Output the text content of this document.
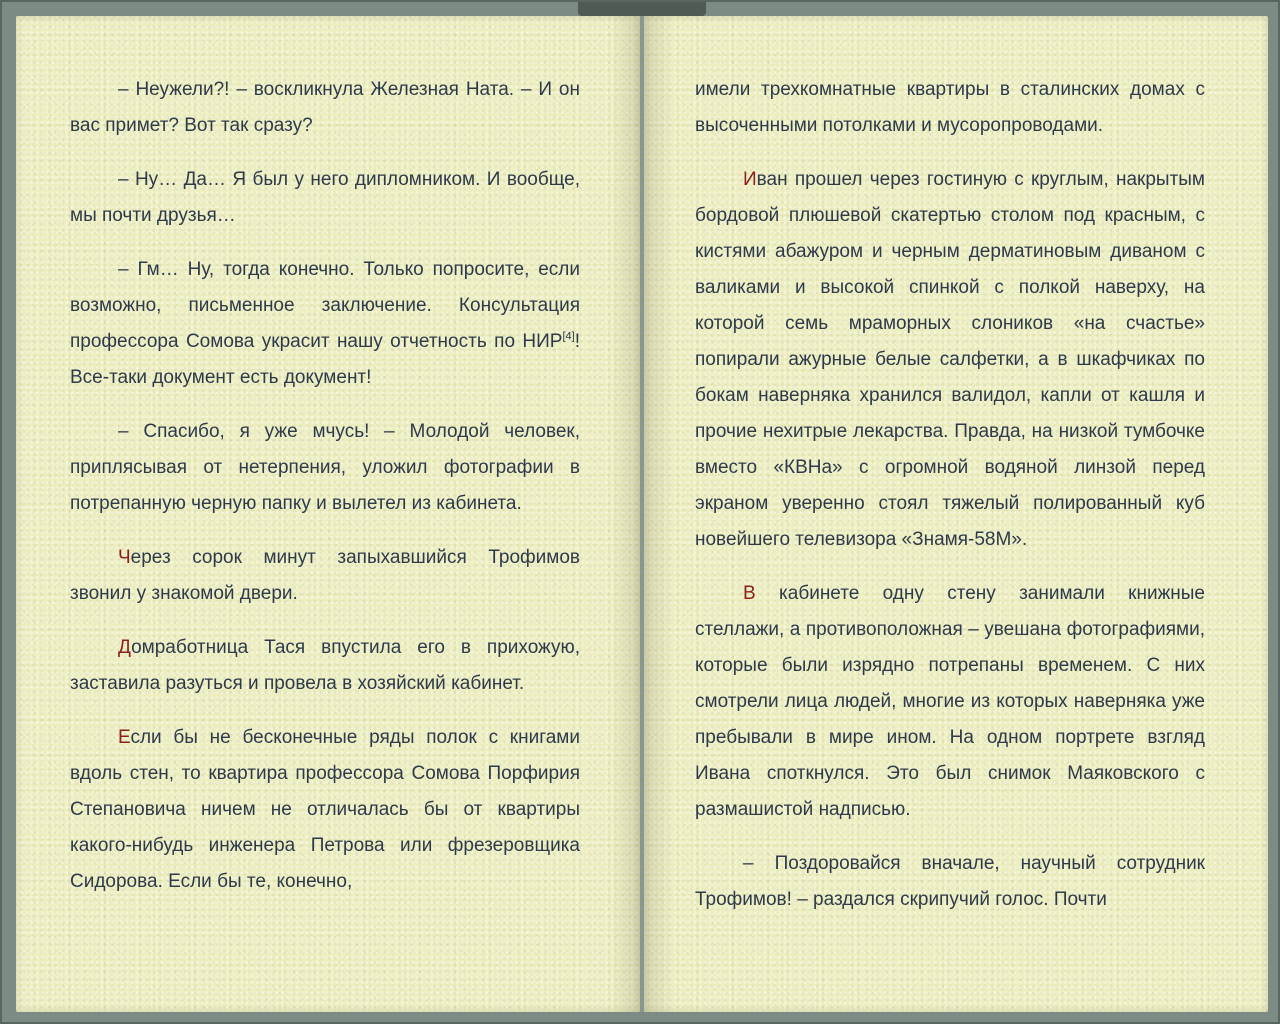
– Неужели?! – воскликнула Железная Ната. – И он вас примет? Вот так сразу?

– Ну… Да… Я был у него дипломником. И вообще, мы почти друзья…

– Гм… Ну, тогда конечно. Только попросите, если возможно, письменное заключение. Консультация профессора Сомова украсит нашу отчетность по НИР[4]! Все-таки документ есть документ!

– Спасибо, я уже мчусь! – Молодой человек, приплясывая от нетерпения, уложил фотографии в потрепанную черную папку и вылетел из кабинета.

Через сорок минут запыхавшийся Трофимов звонил у знакомой двери.

Домработница Тася впустила его в прихожую, заставила разуться и провела в хозяйский кабинет.

Если бы не бесконечные ряды полок с книгами вдоль стен, то квартира профессора Сомова Порфирия Степановича ничем не отличалась бы от квартиры какого-нибудь инженера Петрова или фрезеровщика Сидорова. Если бы те, конечно,

имели трехкомнатные квартиры в сталинских домах с высоченными потолками и мусоропроводами.

Иван прошел через гостиную с круглым, накрытым бордовой плюшевой скатертью столом под красным, с кистями абажуром и черным дерматиновым диваном с валиками и высокой спинкой с полкой наверху, на которой семь мраморных слоников «на счастье» попирали ажурные белые салфетки, а в шкафчиках по бокам наверняка хранился валидол, капли от кашля и прочие нехитрые лекарства. Правда, на низкой тумбочке вместо «КВНа» с огромной водяной линзой перед экраном уверенно стоял тяжелый полированный куб новейшего телевизора «Знамя-58М».

В кабинете одну стену занимали книжные стеллажи, а противоположная – увешана фотографиями, которые были изрядно потрепаны временем. С них смотрели лица людей, многие из которых наверняка уже пребывали в мире ином. На одном портрете взгляд Ивана споткнулся. Это был снимок Маяковского с размашистой надписью.

– Поздоровайся вначале, научный сотрудник Трофимов! – раздался скрипучий голос. Почти
